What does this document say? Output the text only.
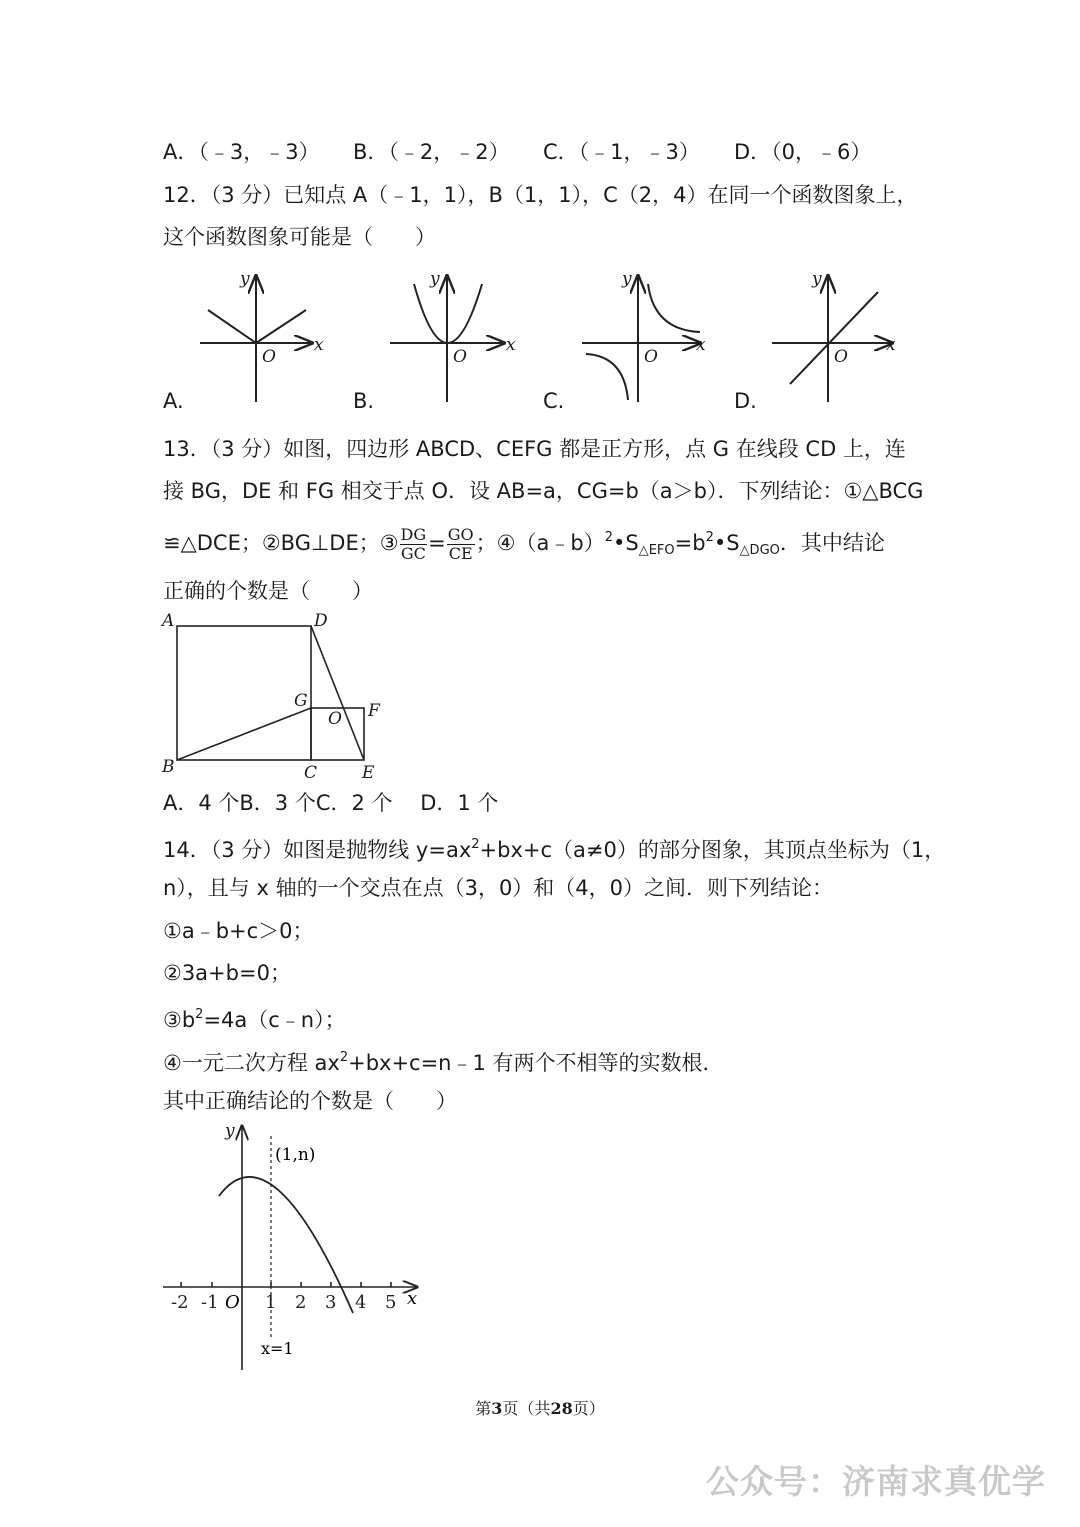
A．（﹣3，﹣3） B．（﹣2，﹣2） C．（﹣1，﹣3） D．（0，﹣6）
12．（3 分）已知点 A（﹣1，1），B（1，1），C（2，4）在同一个函数图象上，
这个函数图象可能是（　　）
y
x
O
y
x
O
y
x
O
y
x
O
A.	B.	C.	D.
13．（3 分）如图，四边形 ABCD、CEFG 都是正方形，点 G 在线段 CD 上，连
接 BG，DE 和 FG 相交于点 O．设 AB=a，CG=b（a＞b）．下列结论：①△BCG
≌△DCE；②BG⊥DE；③ $\frac{DG}{GC} = \frac{GO}{CE}$ ；$④(a﹣b)^2•S_{\triangle EFO}=b^2•S_{\triangle DGO}$．其中结论
正确的个数是（　　）
A	D
G
O F
B	C	E
A．4 个B．3 个C．2 个　 D．1 个
14．（3 分）如图是抛物线 $y=ax^2+bx+c(a\ne 0)$的部分图象，其顶点坐标为（1，
n），且与 x 轴的一个交点在点（3，0）和（4，0）之间．则下列结论：
①a﹣b+c＞0；
②3a+b=0；
$③b^2=4a(c﹣n)$；
④一元二次方程 $ax^2+bx+c=n﹣1$ 有两个不相等的实数根．
其中正确结论的个数是（　　）
y
x
(1,n)
x=1
O
-2 -1	1 2 3 4 5
第3页（共28页）
公众号：济南求真优学
